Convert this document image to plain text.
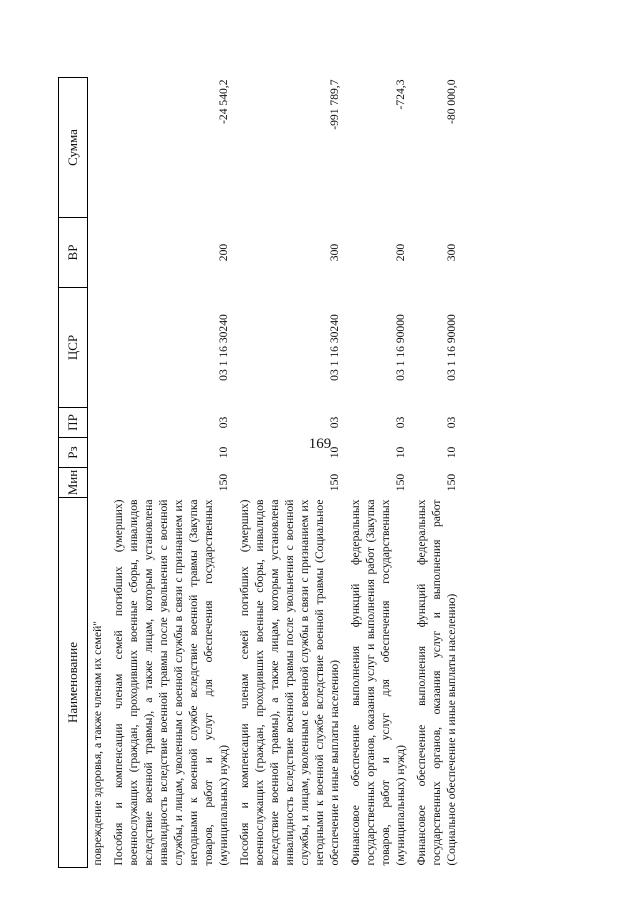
169
Наименование	Мин	Рз	ПР	ЦСР	ВР	Сумма
повреждение здоровья, а также членам их семей"						
Пособия и компенсации членам семей погибших (умерших) военнослужащих (граждан, проходивших военные сборы, инвалидов вследствие военной травмы), а также лицам, которым установлена инвалидность вследствие военной травмы после увольнения с военной службы, и лицам, уволенным с военной службы в связи с признанием их негодными к военной службе вследствие военной травмы (Закупка товаров, работ и услуг для обеспечения государственных (муниципальных) нужд)	150	10	03	03 1 16 30240	200	-24 540,2
Пособия и компенсации членам семей погибших (умерших) военнослужащих (граждан, проходивших военные сборы, инвалидов вследствие военной травмы), а также лицам, которым установлена инвалидность вследствие военной травмы после увольнения с военной службы, и лицам, уволенным с военной службы в связи с признанием их негодными к военной службе вследствие военной травмы (Социальное обеспечение и иные выплаты населению)	150	10	03	03 1 16 30240	300	-991 789,7
Финансовое обеспечение выполнения функций федеральных государственных органов, оказания услуг и выполнения работ (Закупка товаров, работ и услуг для обеспечения государственных (муниципальных) нужд)	150	10	03	03 1 16 90000	200	-724,3
Финансовое обеспечение выполнения функций федеральных государственных органов, оказания услуг и выполнения работ (Социальное обеспечение и иные выплаты населению)	150	10	03	03 1 16 90000	300	-80 000,0
